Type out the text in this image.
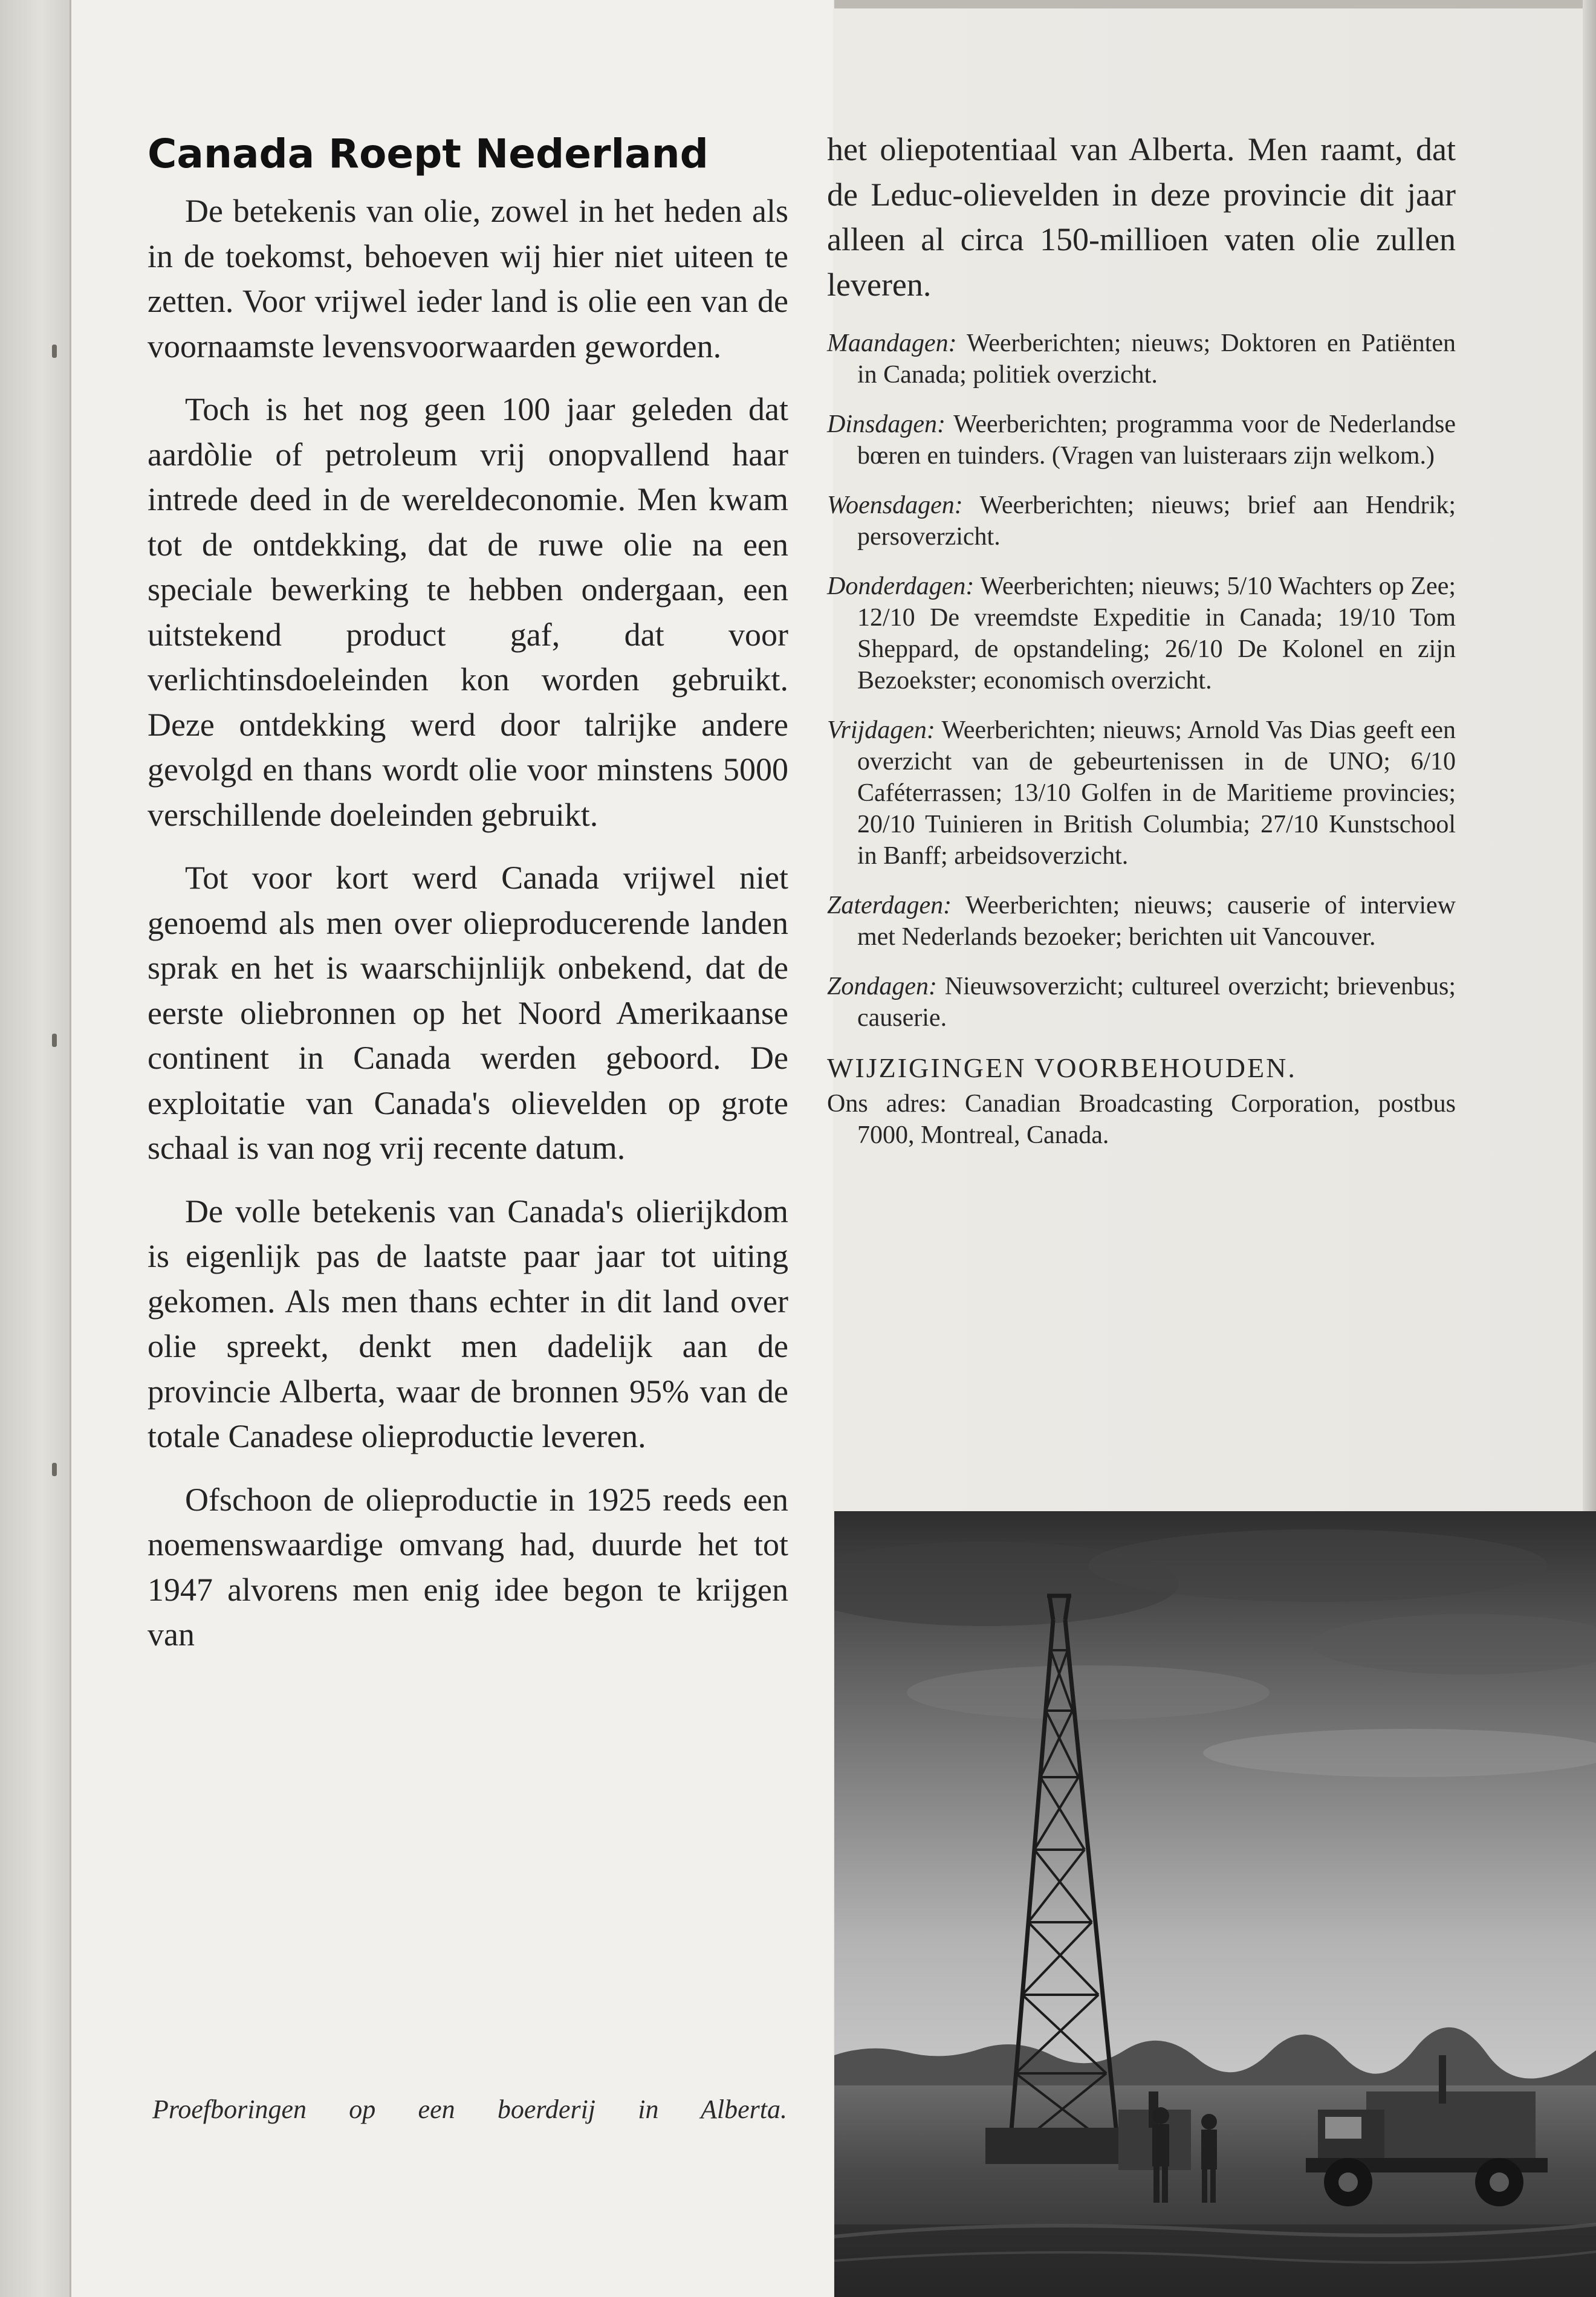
Canada Roept Nederland

De betekenis van olie, zowel in het heden als in de toekomst, behoeven wij hier niet uiteen te zetten. Voor vrijwel ieder land is olie een van de voornaamste levensvoorwaarden geworden.

Toch is het nog geen 100 jaar geleden dat aardòlie of petroleum vrij onopvallend haar intrede deed in de wereldeconomie. Men kwam tot de ontdekking, dat de ruwe olie na een speciale bewerking te hebben ondergaan, een uitstekend product gaf, dat voor verlichtinsdoeleinden kon worden gebruikt. Deze ontdekking werd door talrijke andere gevolgd en thans wordt olie voor minstens 5000 verschillende doeleinden gebruikt.

Tot voor kort werd Canada vrijwel niet genoemd als men over olieproducerende landen sprak en het is waarschijnlijk onbekend, dat de eerste oliebronnen op het Noord Amerikaanse continent in Canada werden geboord. De exploitatie van Canada's olievelden op grote schaal is van nog vrij recente datum.

De volle betekenis van Canada's olierijkdom is eigenlijk pas de laatste paar jaar tot uiting gekomen. Als men thans echter in dit land over olie spreekt, denkt men dadelijk aan de provincie Alberta, waar de bronnen 95% van de totale Canadese olieproductie leveren.

Ofschoon de olieproductie in 1925 reeds een noemenswaardige omvang had, duurde het tot 1947 alvorens men enig idee begon te krijgen van

Proefboringen op een boerderij in Alberta.

het oliepotentiaal van Alberta. Men raamt, dat de Leduc-olievelden in deze provincie dit jaar alleen al circa 150-millioen vaten olie zullen leveren.

Maandagen: Weerberichten; nieuws; Doktoren en Patiënten in Canada; politiek overzicht.
Dinsdagen: Weerberichten; programma voor de Nederlandse bœren en tuinders. (Vragen van luisteraars zijn welkom.)
Woensdagen: Weerberichten; nieuws; brief aan Hendrik; persoverzicht.
Donderdagen: Weerberichten; nieuws; 5/10 Wachters op Zee; 12/10 De vreemdste Expeditie in Canada; 19/10 Tom Sheppard, de opstandeling; 26/10 De Kolonel en zijn Bezoekster; economisch overzicht.
Vrijdagen: Weerberichten; nieuws; Arnold Vas Dias geeft een overzicht van de gebeurtenissen in de UNO; 6/10 Caféterrassen; 13/10 Golfen in de Maritieme provincies; 20/10 Tuinieren in British Columbia; 27/10 Kunstschool in Banff; arbeidsoverzicht.
Zaterdagen: Weerberichten; nieuws; causerie of interview met Nederlands bezoeker; berichten uit Vancouver.
Zondagen: Nieuwsoverzicht; cultureel overzicht; brievenbus; causerie.
WIJZIGINGEN VOORBEHOUDEN.
Ons adres: Canadian Broadcasting Corporation, postbus 7000, Montreal, Canada.
